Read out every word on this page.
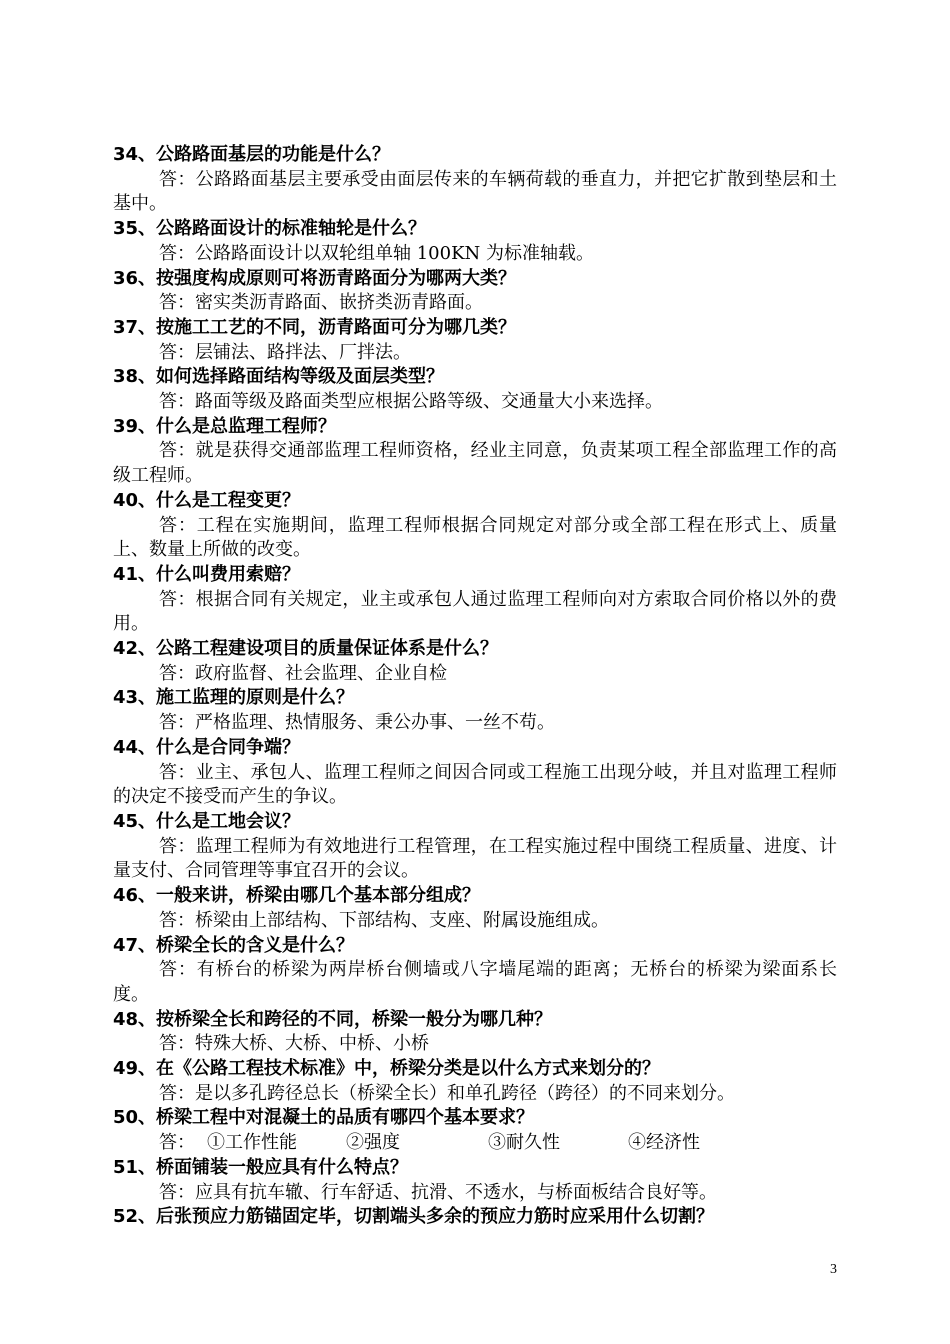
34、公路路面基层的功能是什么？

答：公路路面基层主要承受由面层传来的车辆荷载的垂直力，并把它扩散到垫层和土基中。

35、公路路面设计的标准轴轮是什么？

答：公路路面设计以双轮组单轴 100KN 为标准轴载。

36、按强度构成原则可将沥青路面分为哪两大类？

答：密实类沥青路面、嵌挤类沥青路面。

37、按施工工艺的不同，沥青路面可分为哪几类？

答：层铺法、路拌法、厂拌法。

38、如何选择路面结构等级及面层类型？

答：路面等级及路面类型应根据公路等级、交通量大小来选择。

39、什么是总监理工程师？

答：就是获得交通部监理工程师资格，经业主同意，负责某项工程全部监理工作的高级工程师。

40、什么是工程变更？

答：工程在实施期间，监理工程师根据合同规定对部分或全部工程在形式上、质量上、数量上所做的改变。

41、什么叫费用索赔？

答：根据合同有关规定，业主或承包人通过监理工程师向对方索取合同价格以外的费用。

42、公路工程建设项目的质量保证体系是什么？

答：政府监督、社会监理、企业自检

43、施工监理的原则是什么？

答：严格监理、热情服务、秉公办事、一丝不苟。

44、什么是合同争端？

答：业主、承包人、监理工程师之间因合同或工程施工出现分岐，并且对监理工程师的决定不接受而产生的争议。

45、什么是工地会议？

答：监理工程师为有效地进行工程管理，在工程实施过程中围绕工程质量、进度、计量支付、合同管理等事宜召开的会议。

46、一般来讲，桥梁由哪几个基本部分组成？

答：桥梁由上部结构、下部结构、支座、附属设施组成。

47、桥梁全长的含义是什么？

答：有桥台的桥梁为两岸桥台侧墙或八字墙尾端的距离；无桥台的桥梁为梁面系长度。

48、按桥梁全长和跨径的不同，桥梁一般分为哪几种？

答：特殊大桥、大桥、中桥、小桥

49、在《公路工程技术标准》中，桥梁分类是以什么方式来划分的？

答：是以多孔跨径总长（桥梁全长）和单孔跨径（跨径）的不同来划分。

50、桥梁工程中对混凝土的品质有哪四个基本要求？

答： ①工作性能	②强度	③耐久性	④经济性

51、桥面铺装一般应具有什么特点？

答：应具有抗车辙、行车舒适、抗滑、不透水，与桥面板结合良好等。

52、后张预应力筋锚固定毕，切割端头多余的预应力筋时应采用什么切割？

3
